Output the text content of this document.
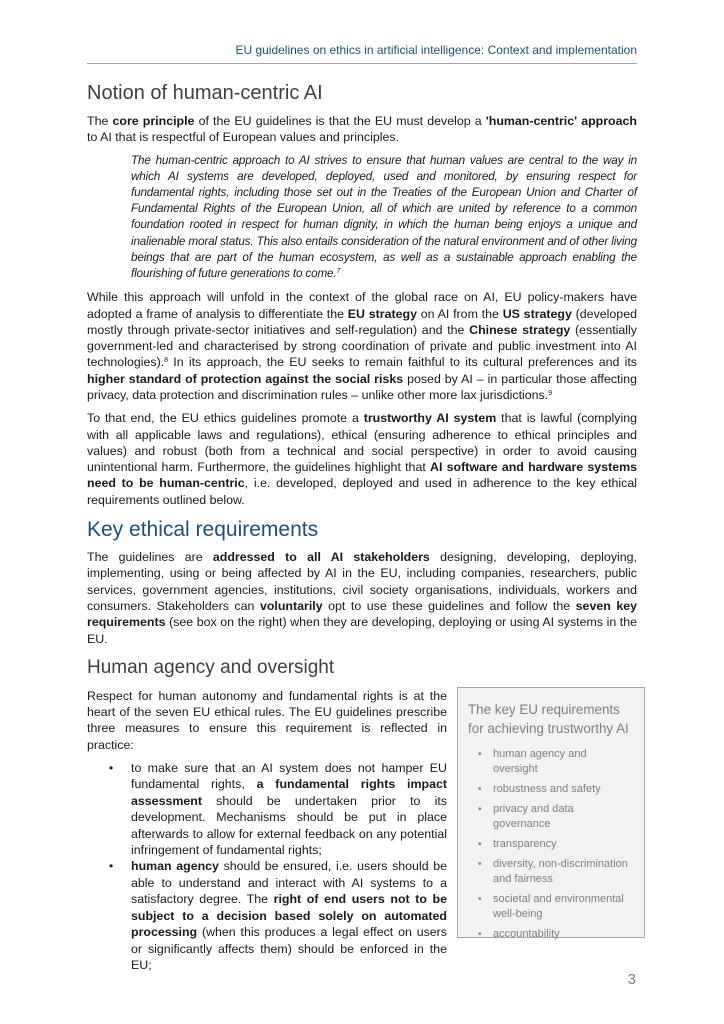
EU guidelines on ethics in artificial intelligence: Context and implementation
Notion of human-centric AI

The core principle of the EU guidelines is that the EU must develop a 'human-centric' approach to AI that is respectful of European values and principles.

The human-centric approach to AI strives to ensure that human values are central to the way in which AI systems are developed, deployed, used and monitored, by ensuring respect for fundamental rights, including those set out in the Treaties of the European Union and Charter of Fundamental Rights of the European Union, all of which are united by reference to a common foundation rooted in respect for human dignity, in which the human being enjoys a unique and inalienable moral status. This also entails consideration of the natural environment and of other living beings that are part of the human ecosystem, as well as a sustainable approach enabling the flourishing of future generations to come.$^7$

While this approach will unfold in the context of the global race on AI, EU policy-makers have adopted a frame of analysis to differentiate the EU strategy on AI from the US strategy (developed mostly through private-sector initiatives and self-regulation) and the Chinese strategy (essentially government-led and characterised by strong coordination of private and public investment into AI technologies).$^8$ In its approach, the EU seeks to remain faithful to its cultural preferences and its higher standard of protection against the social risks posed by AI – in particular those affecting privacy, data protection and discrimination rules – unlike other more lax jurisdictions.$^9$

To that end, the EU ethics guidelines promote a trustworthy AI system that is lawful (complying with all applicable laws and regulations), ethical (ensuring adherence to ethical principles and values) and robust (both from a technical and social perspective) in order to avoid causing unintentional harm. Furthermore, the guidelines highlight that AI software and hardware systems need to be human-centric, i.e. developed, deployed and used in adherence to the key ethical requirements outlined below.

Key ethical requirements

The guidelines are addressed to all AI stakeholders designing, developing, deploying, implementing, using or being affected by AI in the EU, including companies, researchers, public services, government agencies, institutions, civil society organisations, individuals, workers and consumers. Stakeholders can voluntarily opt to use these guidelines and follow the seven key requirements (see box on the right) when they are developing, deploying or using AI systems in the EU.

Human agency and oversight

Respect for human autonomy and fundamental rights is at the heart of the seven EU ethical rules. The EU guidelines prescribe three measures to ensure this requirement is reflected in practice:

• to make sure that an AI system does not hamper EU fundamental rights, a fundamental rights impact assessment should be undertaken prior to its development. Mechanisms should be put in place afterwards to allow for external feedback on any potential infringement of fundamental rights;
• human agency should be ensured, i.e. users should be able to understand and interact with AI systems to a satisfactory degree. The right of end users not to be subject to a decision based solely on automated processing (when this produces a legal effect on users or significantly affects them) should be enforced in the EU;
The key EU requirements for achieving trustworthy AI
• human agency and oversight
• robustness and safety
• privacy and data governance
• transparency
• diversity, non-discrimination and fairness
• societal and environmental well-being
• accountability
3
